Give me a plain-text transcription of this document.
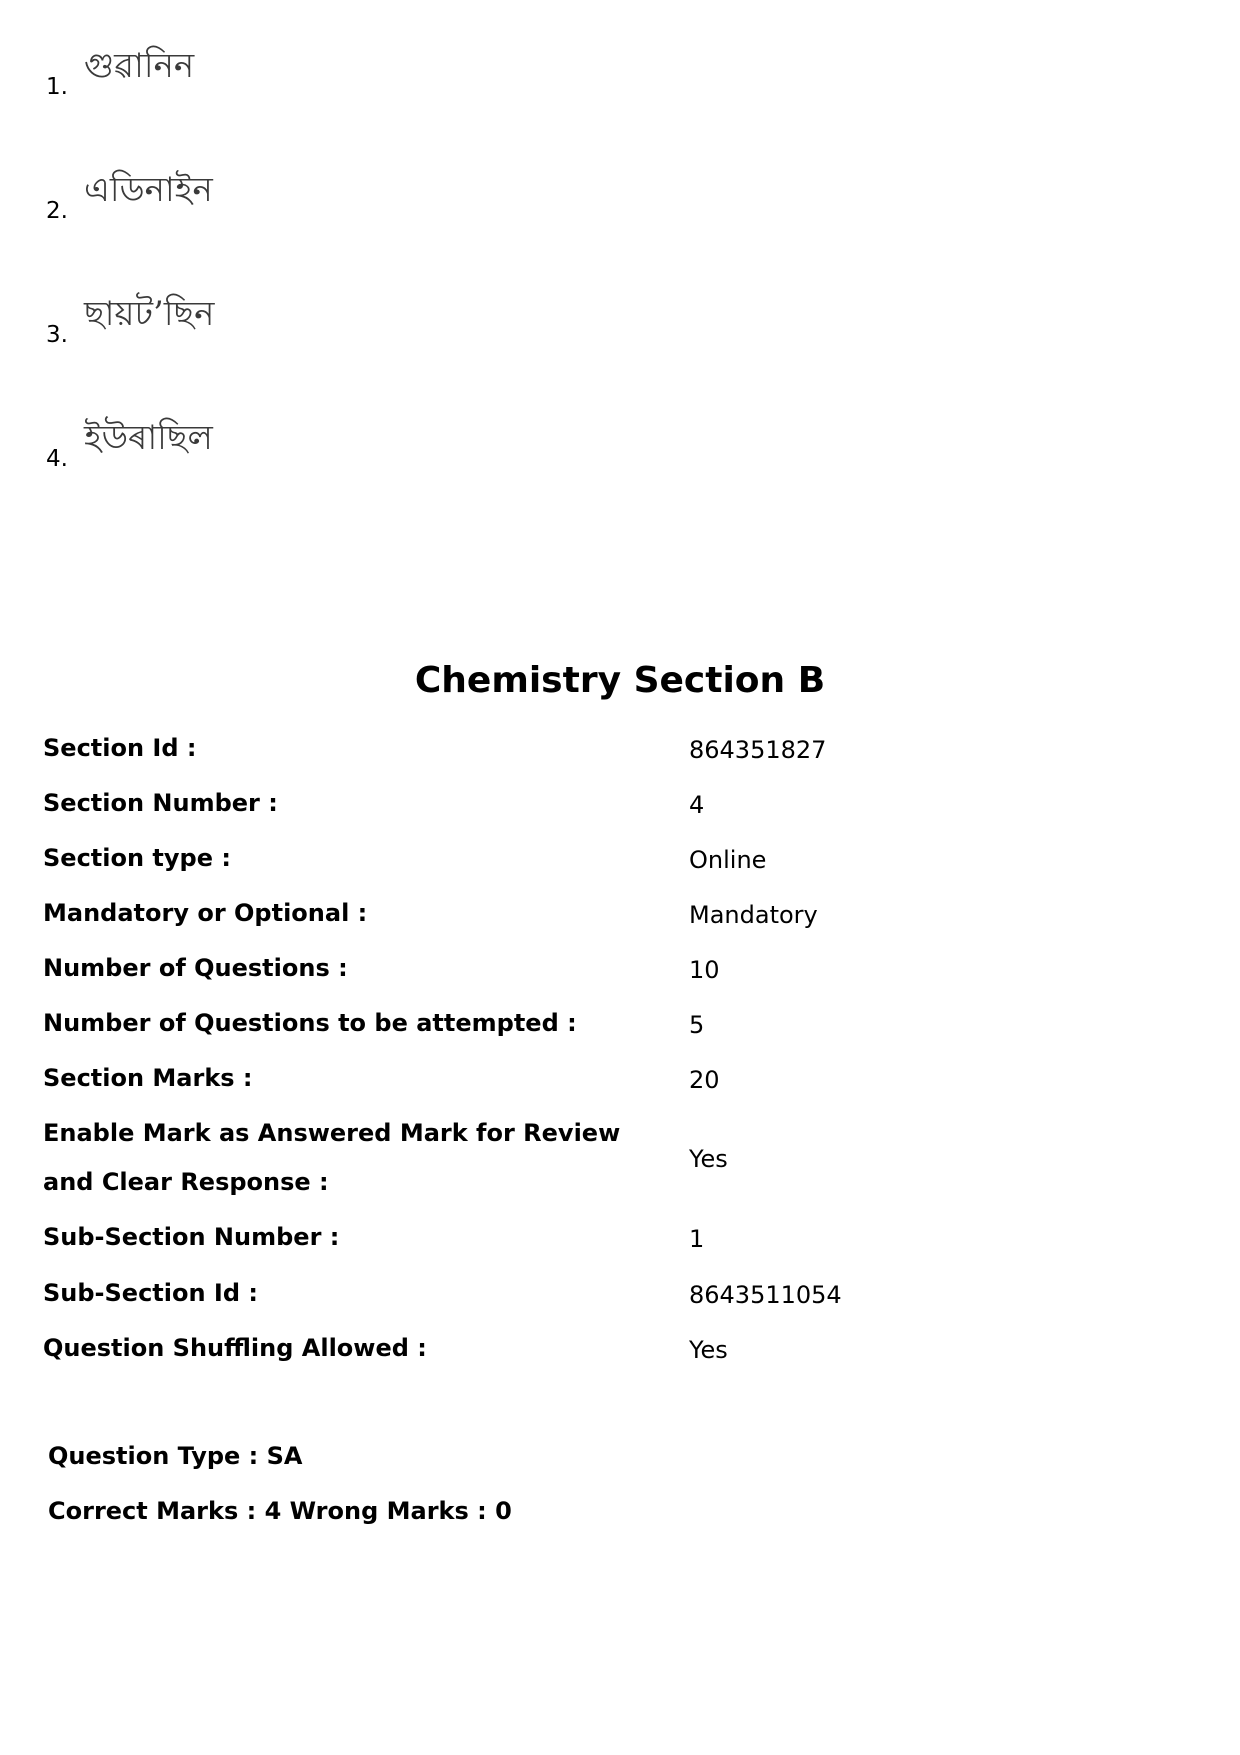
1.
গুৱানিন
2.
এডিনাইন
3.
ছায়ট’ছিন
4.
ইউৰাছিল
Chemistry Section B
Section Id :	864351827
Section Number :	4
Section type :	Online
Mandatory or Optional :	Mandatory
Number of Questions :	10
Number of Questions to be attempted :	5
Section Marks :	20
Enable Mark as Answered Mark for Review and Clear Response :
Yes
Sub-Section Number :	1
Sub-Section Id :	8643511054
Question Shuffling Allowed :	Yes
Question Type : SA
Correct Marks : 4 Wrong Marks : 0
